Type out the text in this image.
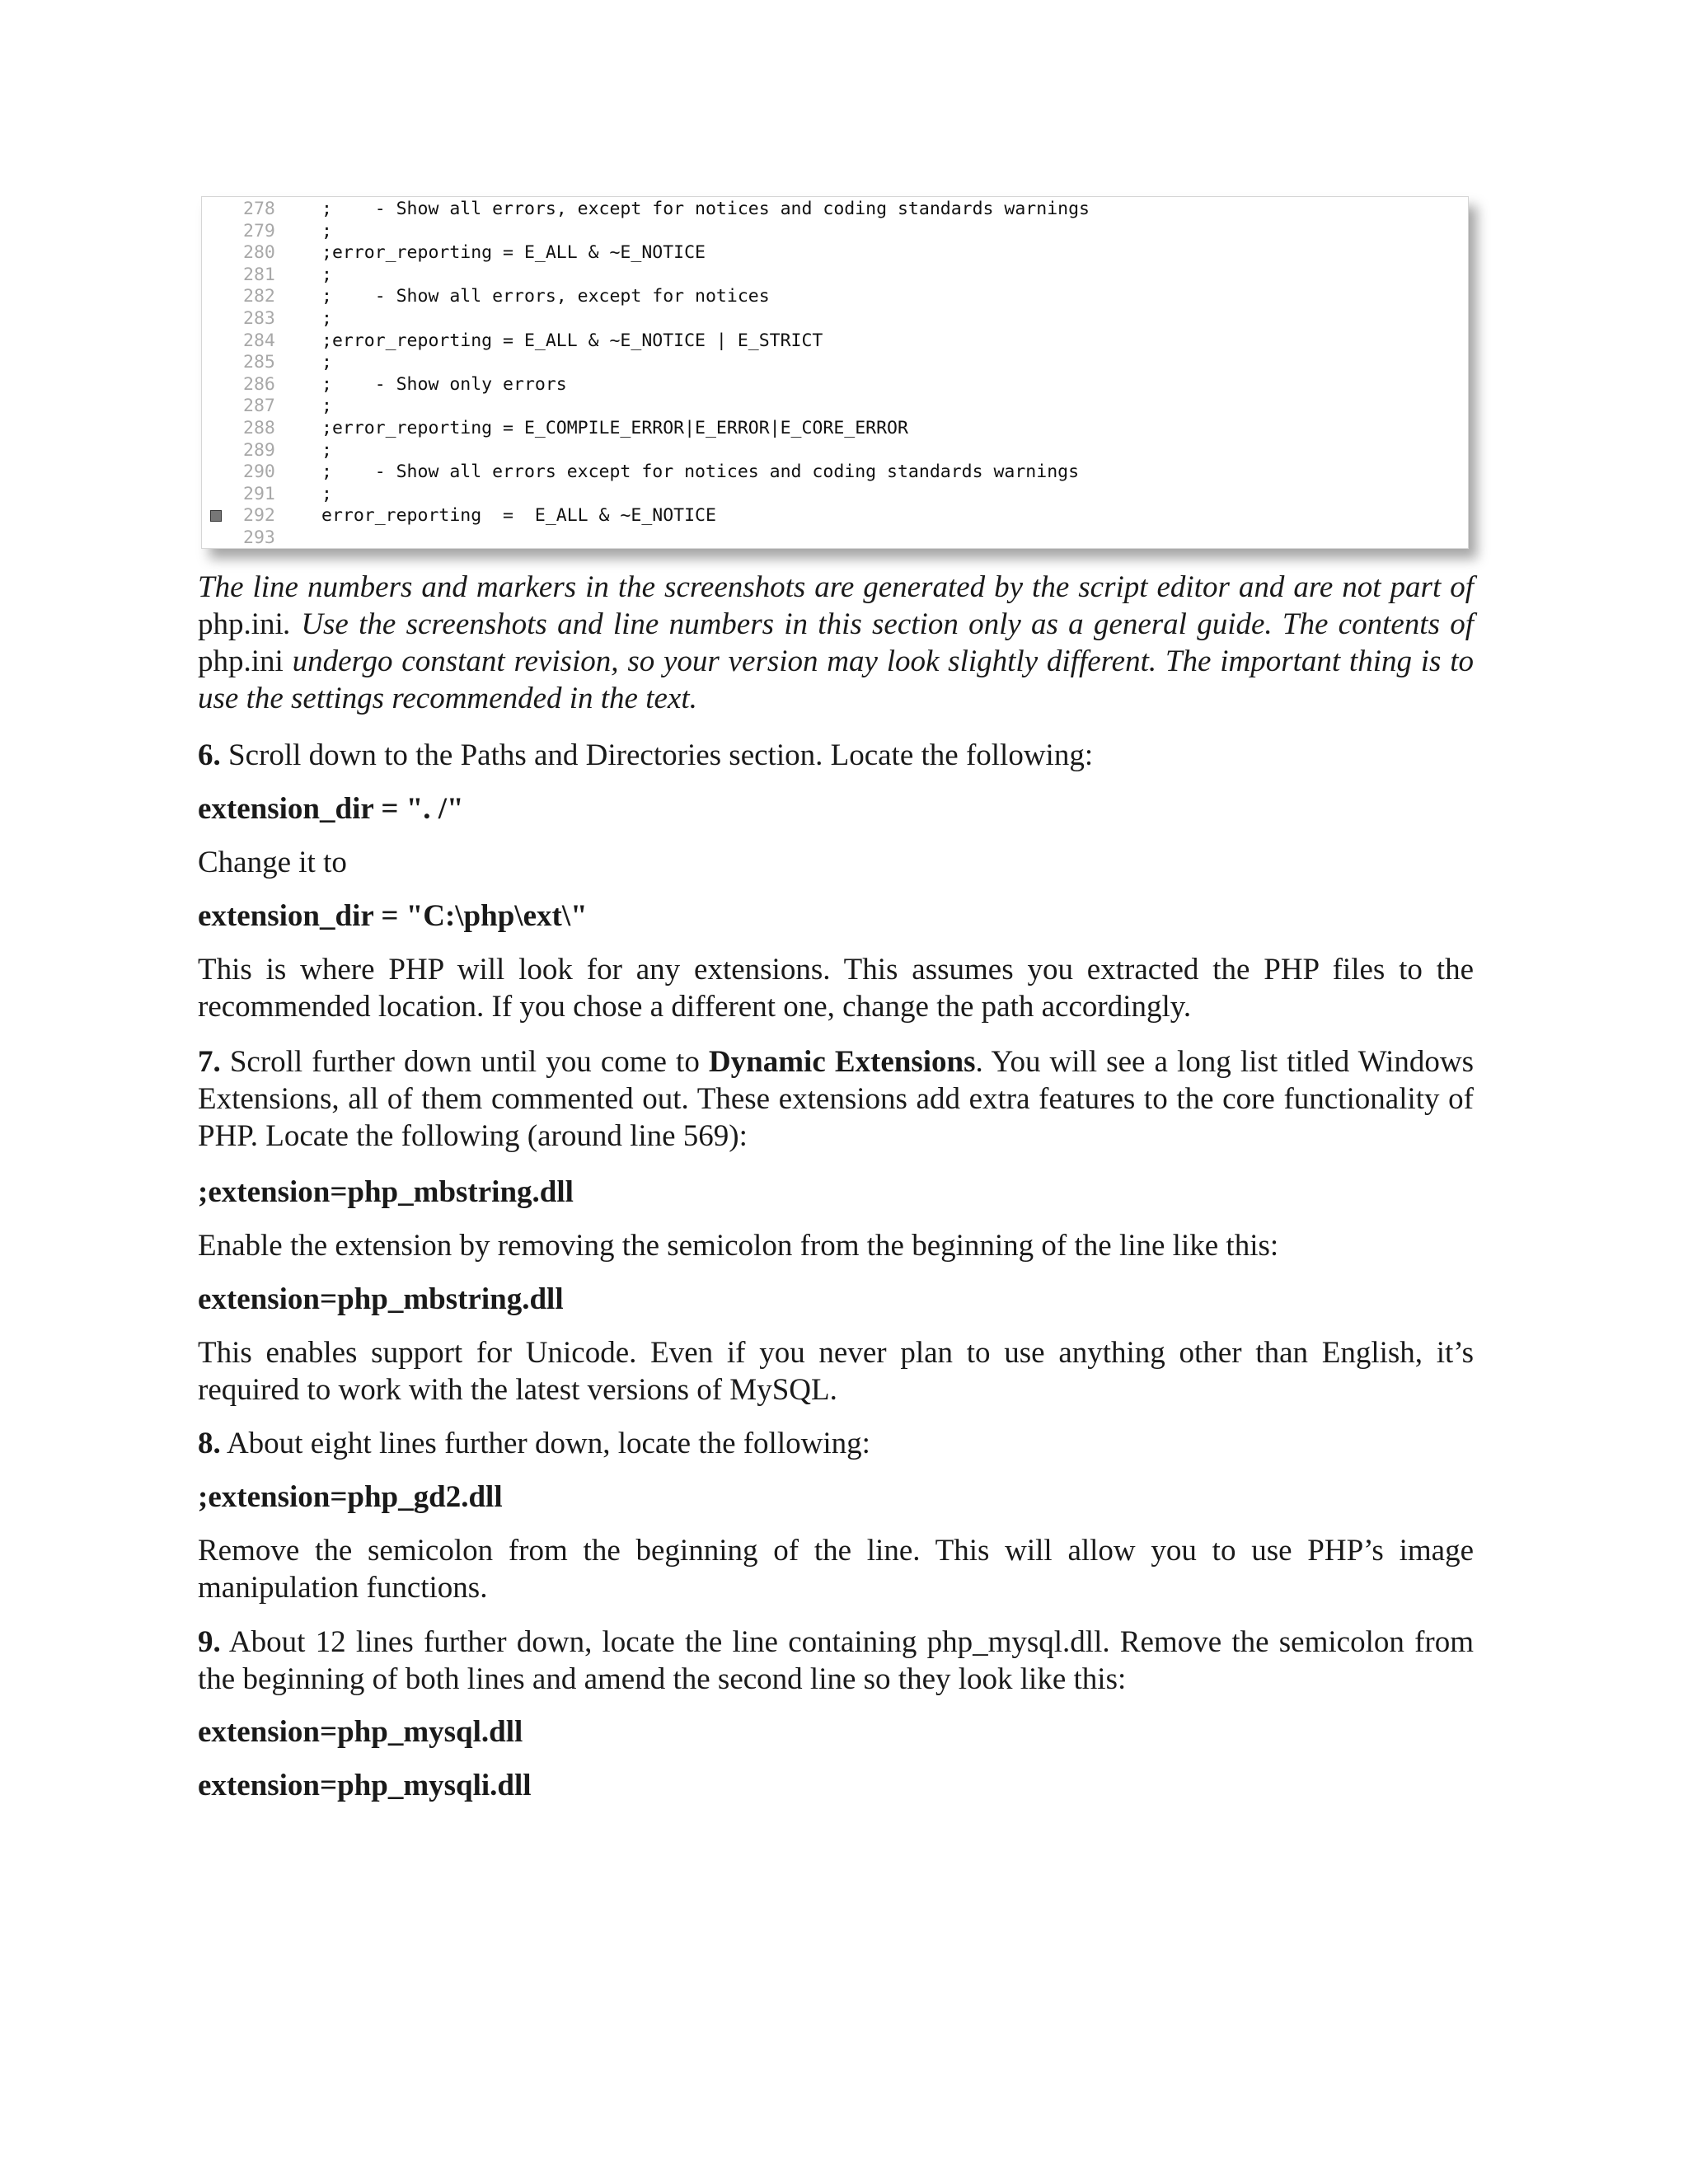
278	;    - Show all errors, except for notices and coding standards warnings
279	;
280	;error_reporting = E_ALL & ~E_NOTICE
281	;
282	;    - Show all errors, except for notices
283	;
284	;error_reporting = E_ALL & ~E_NOTICE | E_STRICT
285	;
286	;    - Show only errors
287	;
288	;error_reporting = E_COMPILE_ERROR|E_ERROR|E_CORE_ERROR
289	;
290	;    - Show all errors except for notices and coding standards warnings
291	;
292	error_reporting  =  E_ALL & ~E_NOTICE
293
The line numbers and markers in the screenshots are generated by the script editor and are not part of php.ini. Use the screenshots and line numbers in this section only as a general guide. The contents of php.ini undergo constant revision, so your version may look slightly different. The important thing is to use the settings recommended in the text.
6. Scroll down to the Paths and Directories section. Locate the following:
extension_dir = ". /"
Change it to
extension_dir = "C:\php\ext\"
This is where PHP will look for any extensions. This assumes you extracted the PHP files to the recommended location. If you chose a different one, change the path accordingly.
7. Scroll further down until you come to Dynamic Extensions. You will see a long list titled Windows Extensions, all of them commented out. These extensions add extra features to the core functionality of PHP. Locate the following (around line 569):
;extension=php_mbstring.dll
Enable the extension by removing the semicolon from the beginning of the line like this:
extension=php_mbstring.dll
This enables support for Unicode. Even if you never plan to use anything other than English, it’s required to work with the latest versions of MySQL.
8. About eight lines further down, locate the following:
;extension=php_gd2.dll
Remove the semicolon from the beginning of the line. This will allow you to use PHP’s image manipulation functions.
9. About 12 lines further down, locate the line containing php_mysql.dll. Remove the semicolon from the beginning of both lines and amend the second line so they look like this:
extension=php_mysql.dll
extension=php_mysqli.dll
